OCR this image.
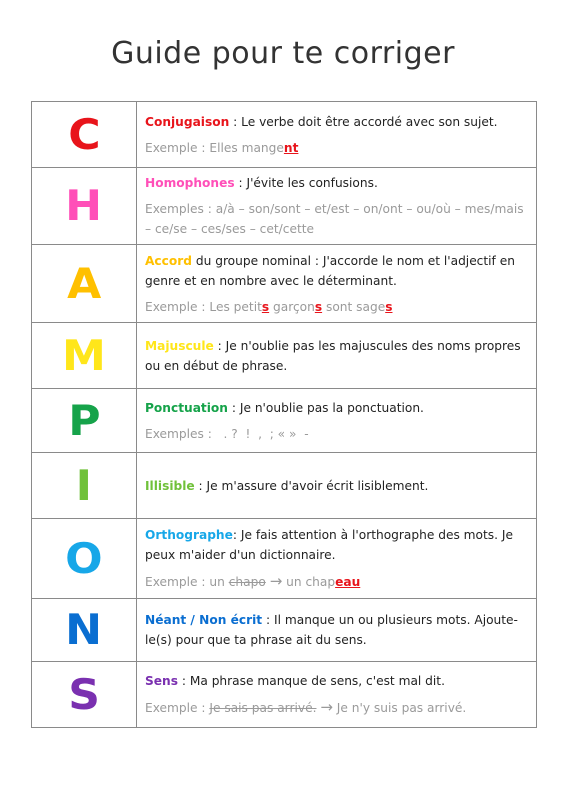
Guide pour te corriger
C	Conjugaison : Le verbe doit être accordé avec son sujet.
Exemple : Elles mangent

H	Homophones : J'évite les confusions.
Exemples : a/à – son/sont – et/est – on/ont – ou/où – mes/mais – ce/se – ces/ses – cet/cette

A	Accord du groupe nominal : J'accorde le nom et l'adjectif en genre et en nombre avec le déterminant.
Exemple : Les petits garçons sont sages

M	Majuscule : Je n'oublie pas les majuscules des noms propres ou en début de phrase.

P	Ponctuation : Je n'oublie pas la ponctuation.
Exemples :   . ?  !  ,  ; « »  -

I	Illisible : Je m'assure d'avoir écrit lisiblement.

O	Orthographe: Je fais attention à l'orthographe des mots. Je peux m'aider d'un dictionnaire.
Exemple : un chapo → un chapeau

N	Néant / Non écrit : Il manque un ou plusieurs mots. Ajoute-le(s) pour que ta phrase ait du sens.

S	Sens : Ma phrase manque de sens, c'est mal dit.
Exemple : Je sais pas arrivé. → Je n'y suis pas arrivé.
